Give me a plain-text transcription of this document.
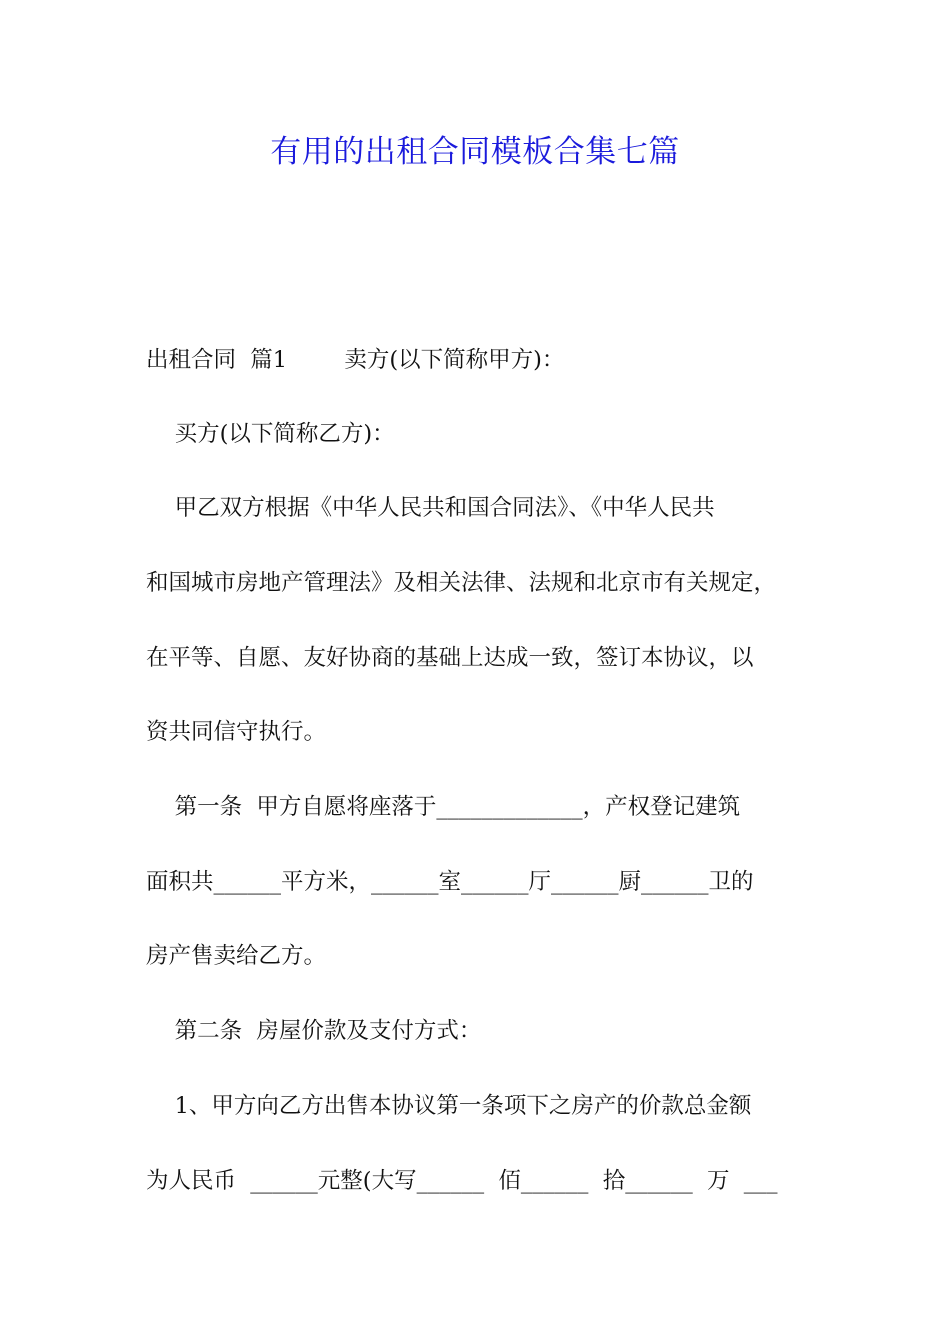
有用的出租合同模板合集七篇
出租合同  篇1        卖方(以下简称甲方)：
买方(以下简称乙方)：
甲乙双方根据《中华人民共和国合同法》、《中华人民共
和国城市房地产管理法》及相关法律、法规和北京市有关规定，
在平等、自愿、友好协商的基础上达成一致，签订本协议，以
资共同信守执行。
第一条  甲方自愿将座落于_____________，产权登记建筑
面积共______平方米，______室______厅______厨______卫的
房产售卖给乙方。
第二条  房屋价款及支付方式：
1、甲方向乙方出售本协议第一条项下之房产的价款总金额
为人民币  ______元整(大写______  佰______  拾______  万  ___
